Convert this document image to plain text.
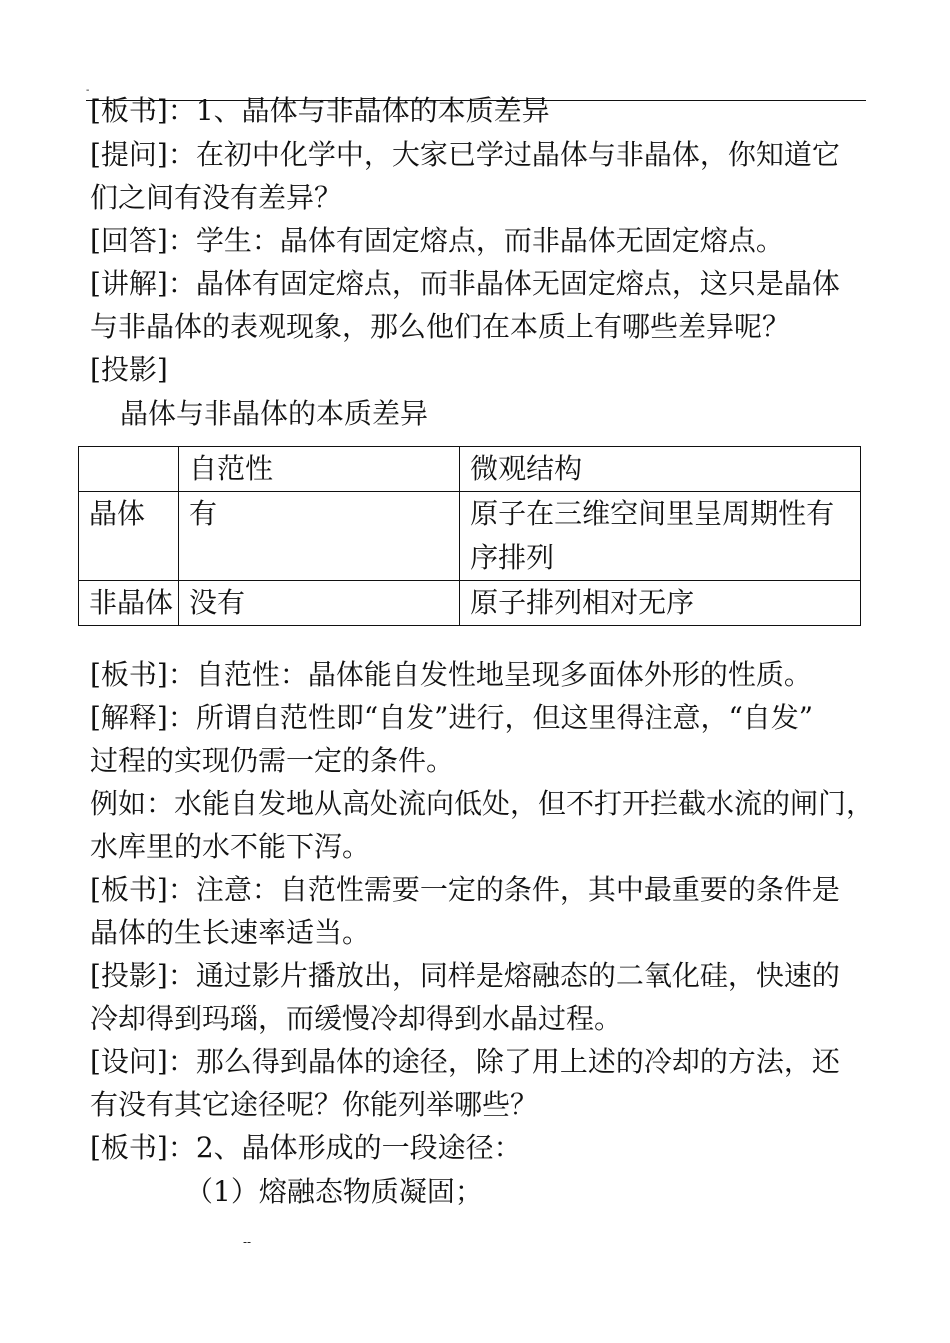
-
[板书]：1、晶体与非晶体的本质差异
[提问]：在初中化学中，大家已学过晶体与非晶体，你知道它
们之间有没有差异？
[回答]：学生：晶体有固定熔点，而非晶体无固定熔点。
[讲解]：晶体有固定熔点，而非晶体无固定熔点，这只是晶体
与非晶体的表观现象，那么他们在本质上有哪些差异呢？
[投影]
晶体与非晶体的本质差异
	自范性	微观结构
晶体	有	原子在三维空间里呈周期性有序排列
非晶体	没有	原子排列相对无序
[板书]：自范性：晶体能自发性地呈现多面体外形的性质。
[解释]：所谓自范性即“自发”进行，但这里得注意，“自发”
过程的实现仍需一定的条件。
例如：水能自发地从高处流向低处，但不打开拦截水流的闸门，
水库里的水不能下泻。
[板书]：注意：自范性需要一定的条件，其中最重要的条件是
晶体的生长速率适当。
[投影]：通过影片播放出，同样是熔融态的二氧化硅，快速的
冷却得到玛瑙，而缓慢冷却得到水晶过程。
[设问]：那么得到晶体的途径，除了用上述的冷却的方法，还
有没有其它途径呢？你能列举哪些？
[板书]：2、晶体形成的一段途径：
（1）熔融态物质凝固；
--
